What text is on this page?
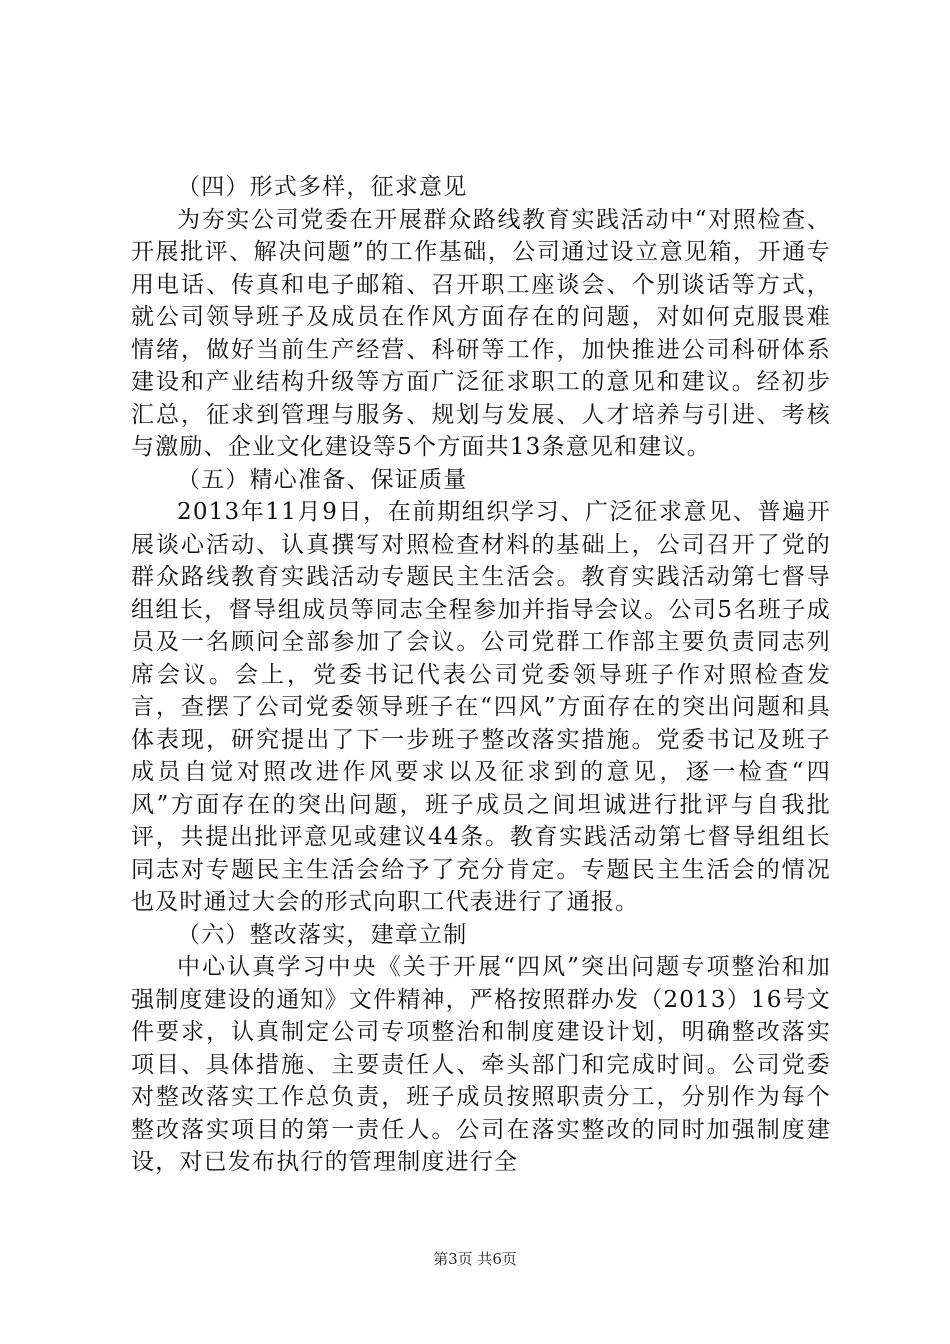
（四）形式多样，征求意见

为夯实公司党委在开展群众路线教育实践活动中“对照检查、开展批评、解决问题”的工作基础，公司通过设立意见箱，开通专用电话、传真和电子邮箱、召开职工座谈会、个别谈话等方式，就公司领导班子及成员在作风方面存在的问题，对如何克服畏难情绪，做好当前生产经营、科研等工作，加快推进公司科研体系建设和产业结构升级等方面广泛征求职工的意见和建议。经初步汇总，征求到管理与服务、规划与发展、人才培养与引进、考核与激励、企业文化建设等5个方面共13条意见和建议。

（五）精心准备、保证质量

2013年11月9日，在前期组织学习、广泛征求意见、普遍开展谈心活动、认真撰写对照检查材料的基础上，公司召开了党的群众路线教育实践活动专题民主生活会。教育实践活动第七督导组组长，督导组成员等同志全程参加并指导会议。公司5名班子成员及一名顾问全部参加了会议。公司党群工作部主要负责同志列席会议。会上，党委书记代表公司党委领导班子作对照检查发言，查摆了公司党委领导班子在“四风”方面存在的突出问题和具体表现，研究提出了下一步班子整改落实措施。党委书记及班子成员自觉对照改进作风要求以及征求到的意见，逐一检查“四风”方面存在的突出问题，班子成员之间坦诚进行批评与自我批评，共提出批评意见或建议44条。教育实践活动第七督导组组长同志对专题民主生活会给予了充分肯定。专题民主生活会的情况也及时通过大会的形式向职工代表进行了通报。

（六）整改落实，建章立制

中心认真学习中央《关于开展“四风”突出问题专项整治和加强制度建设的通知》文件精神，严格按照群办发（2013）16号文件要求，认真制定公司专项整治和制度建设计划，明确整改落实项目、具体措施、主要责任人、牵头部门和完成时间。公司党委对整改落实工作总负责，班子成员按照职责分工，分别作为每个整改落实项目的第一责任人。公司在落实整改的同时加强制度建设，对已发布执行的管理制度进行全

第3页 共6页
